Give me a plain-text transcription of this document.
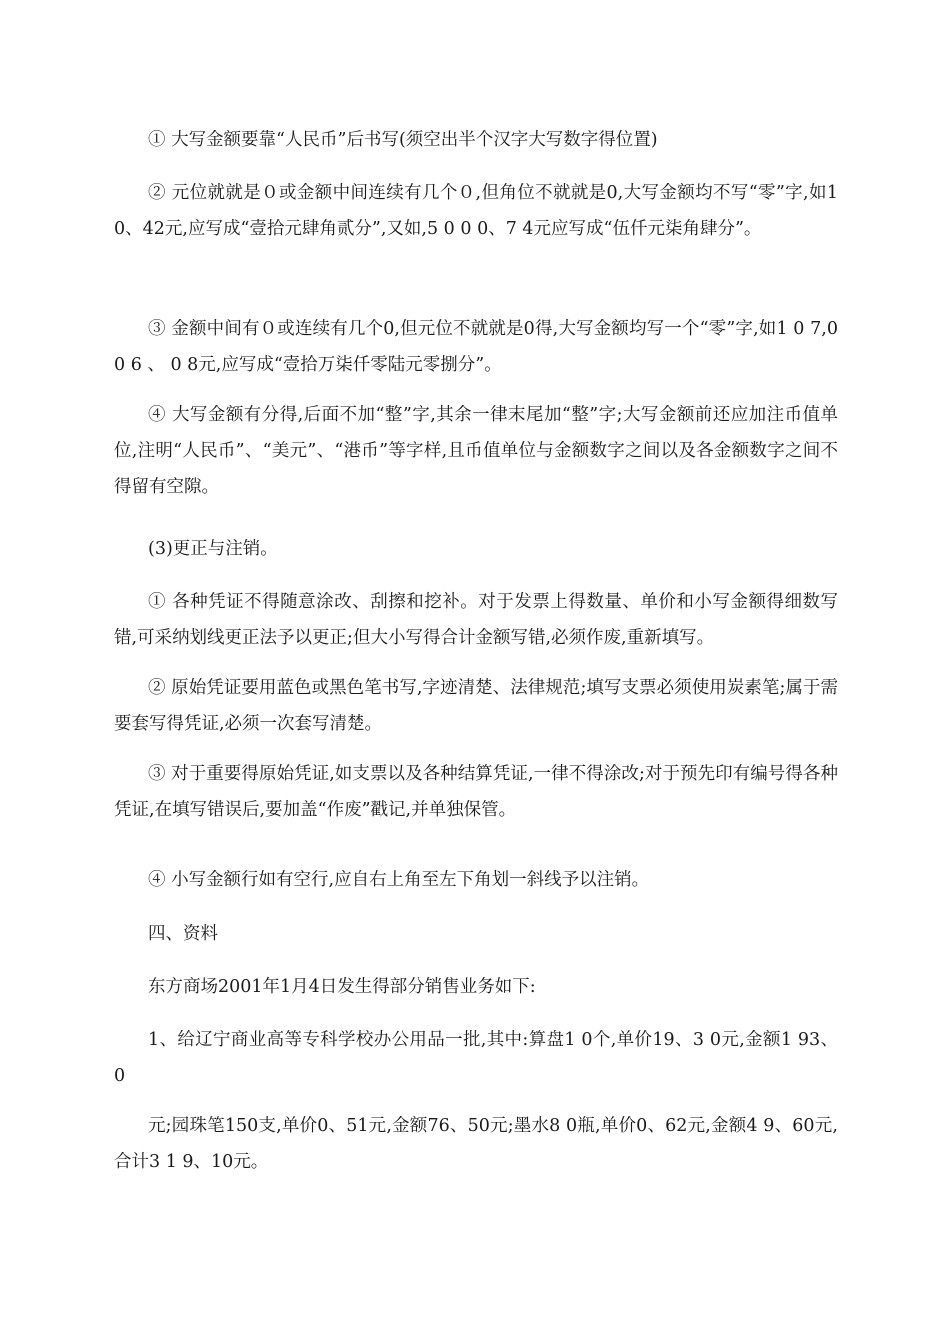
① 大写金额要靠“人民币”后书写(须空出半个汉字大写数字得位置)

② 元位就就是０或金额中间连续有几个０,但角位不就就是0,大写金额均不写“零”字,如10、42元,应写成“壹拾元肆角贰分”,又如,5 0 0 0、7 4元应写成“伍仟元柒角肆分”。

③ 金额中间有０或连续有几个0,但元位不就就是0得,大写金额均写一个“零”字,如1 0 7,00 6 、 0 8元,应写成“壹拾万柒仟零陆元零捌分”。

④ 大写金额有分得,后面不加“整”字,其余一律末尾加“整”字;大写金额前还应加注币值单位,注明“人民币”、“美元”、“港币”等字样,且币值单位与金额数字之间以及各金额数字之间不得留有空隙。

(3)更正与注销。

① 各种凭证不得随意涂改、刮擦和挖补。对于发票上得数量、单价和小写金额得细数写错,可采纳划线更正法予以更正;但大小写得合计金额写错,必须作废,重新填写。

② 原始凭证要用蓝色或黑色笔书写,字迹清楚、法律规范;填写支票必须使用炭素笔;属于需要套写得凭证,必须一次套写清楚。

③ 对于重要得原始凭证,如支票以及各种结算凭证,一律不得涂改;对于预先印有编号得各种凭证,在填写错误后,要加盖“作废”戳记,并单独保管。

④ 小写金额行如有空行,应自右上角至左下角划一斜线予以注销。

四、资料

东方商场2001年1月4日发生得部分销售业务如下:

1、给辽宁商业高等专科学校办公用品一批,其中:算盘1 0个,单价19、3 0元,金额1 93、 0

元;园珠笔150支,单价0、51元,金额76、50元;墨水8 0瓶,单价0、62元,金额4 9、60元,合计3 1 9、10元。
